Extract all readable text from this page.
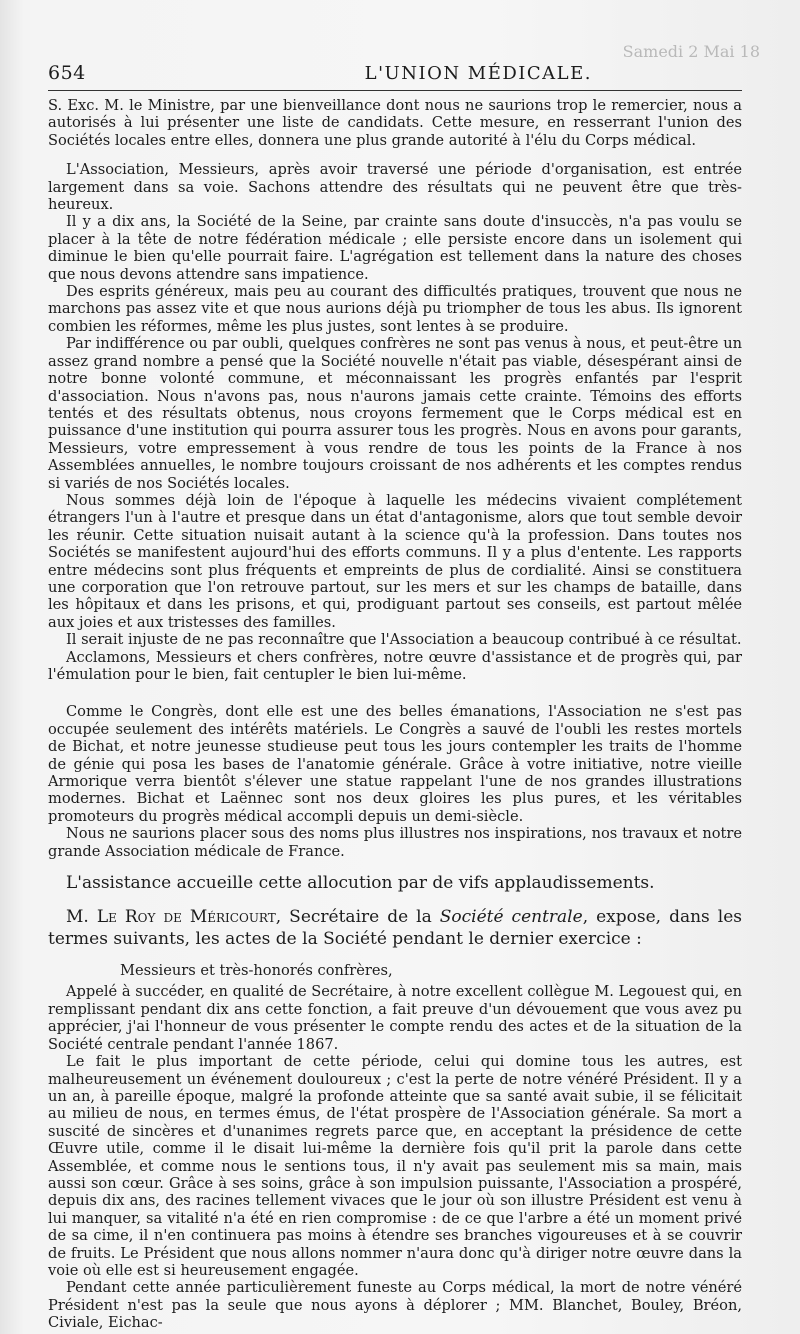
Samedi 2 Mai 18
654	L'UNION MÉDICALE.

S. Exc. M. le Ministre, par une bienveillance dont nous ne saurions trop le remercier, nous a autorisés à lui présenter une liste de candidats. Cette mesure, en resserrant l'union des Sociétés locales entre elles, donnera une plus grande autorité à l'élu du Corps médical.

L'Association, Messieurs, après avoir traversé une période d'organisation, est entrée largement dans sa voie. Sachons attendre des résultats qui ne peuvent être que très-heureux.

Il y a dix ans, la Société de la Seine, par crainte sans doute d'insuccès, n'a pas voulu se placer à la tête de notre fédération médicale ; elle persiste encore dans un isolement qui diminue le bien qu'elle pourrait faire. L'agrégation est tellement dans la nature des choses que nous devons attendre sans impatience.

Des esprits généreux, mais peu au courant des difficultés pratiques, trouvent que nous ne marchons pas assez vite et que nous aurions déjà pu triompher de tous les abus. Ils ignorent combien les réformes, même les plus justes, sont lentes à se produire.

Par indifférence ou par oubli, quelques confrères ne sont pas venus à nous, et peut-être un assez grand nombre a pensé que la Société nouvelle n'était pas viable, désespérant ainsi de notre bonne volonté commune, et méconnaissant les progrès enfantés par l'esprit d'association. Nous n'avons pas, nous n'aurons jamais cette crainte. Témoins des efforts tentés et des résultats obtenus, nous croyons fermement que le Corps médical est en puissance d'une institution qui pourra assurer tous les progrès. Nous en avons pour garants, Messieurs, votre empressement à vous rendre de tous les points de la France à nos Assemblées annuelles, le nombre toujours croissant de nos adhérents et les comptes rendus si variés de nos Sociétés locales.

Nous sommes déjà loin de l'époque à laquelle les médecins vivaient complétement étrangers l'un à l'autre et presque dans un état d'antagonisme, alors que tout semble devoir les réunir. Cette situation nuisait autant à la science qu'à la profession. Dans toutes nos Sociétés se manifestent aujourd'hui des efforts communs. Il y a plus d'entente. Les rapports entre médecins sont plus fréquents et empreints de plus de cordialité. Ainsi se constituera une corporation que l'on retrouve partout, sur les mers et sur les champs de bataille, dans les hôpitaux et dans les prisons, et qui, prodiguant partout ses conseils, est partout mêlée aux joies et aux tristesses des familles.

Il serait injuste de ne pas reconnaître que l'Association a beaucoup contribué à ce résultat.

Acclamons, Messieurs et chers confrères, notre œuvre d'assistance et de progrès qui, par l'émulation pour le bien, fait centupler le bien lui-même.

Comme le Congrès, dont elle est une des belles émanations, l'Association ne s'est pas occupée seulement des intérêts matériels. Le Congrès a sauvé de l'oubli les restes mortels de Bichat, et notre jeunesse studieuse peut tous les jours contempler les traits de l'homme de génie qui posa les bases de l'anatomie générale. Grâce à votre initiative, notre vieille Armorique verra bientôt s'élever une statue rappelant l'une de nos grandes illustrations modernes. Bichat et Laënnec sont nos deux gloires les plus pures, et les véritables promoteurs du progrès médical accompli depuis un demi-siècle.

Nous ne saurions placer sous des noms plus illustres nos inspirations, nos travaux et notre grande Association médicale de France.

L'assistance accueille cette allocution par de vifs applaudissements.

M. Le Roy de Méricourt, Secrétaire de la Société centrale, expose, dans les termes suivants, les actes de la Société pendant le dernier exercice :

Messieurs et très-honorés confrères,

Appelé à succéder, en qualité de Secrétaire, à notre excellent collègue M. Legouest qui, en remplissant pendant dix ans cette fonction, a fait preuve d'un dévouement que vous avez pu apprécier, j'ai l'honneur de vous présenter le compte rendu des actes et de la situation de la Société centrale pendant l'année 1867.

Le fait le plus important de cette période, celui qui domine tous les autres, est malheureusement un événement douloureux ; c'est la perte de notre vénéré Président. Il y a un an, à pareille époque, malgré la profonde atteinte que sa santé avait subie, il se félicitait au milieu de nous, en termes émus, de l'état prospère de l'Association générale. Sa mort a suscité de sincères et d'unanimes regrets parce que, en acceptant la présidence de cette Œuvre utile, comme il le disait lui-même la dernière fois qu'il prit la parole dans cette Assemblée, et comme nous le sentions tous, il n'y avait pas seulement mis sa main, mais aussi son cœur. Grâce à ses soins, grâce à son impulsion puissante, l'Association a prospéré, depuis dix ans, des racines tellement vivaces que le jour où son illustre Président est venu à lui manquer, sa vitalité n'a été en rien compromise : de ce que l'arbre a été un moment privé de sa cime, il n'en continuera pas moins à étendre ses branches vigoureuses et à se couvrir de fruits. Le Président que nous allons nommer n'aura donc qu'à diriger notre œuvre dans la voie où elle est si heureusement engagée.

Pendant cette année particulièrement funeste au Corps médical, la mort de notre vénéré Président n'est pas la seule que nous ayons à déplorer ; MM. Blanchet, Bouley, Bréon, Civiale, Eichac-
